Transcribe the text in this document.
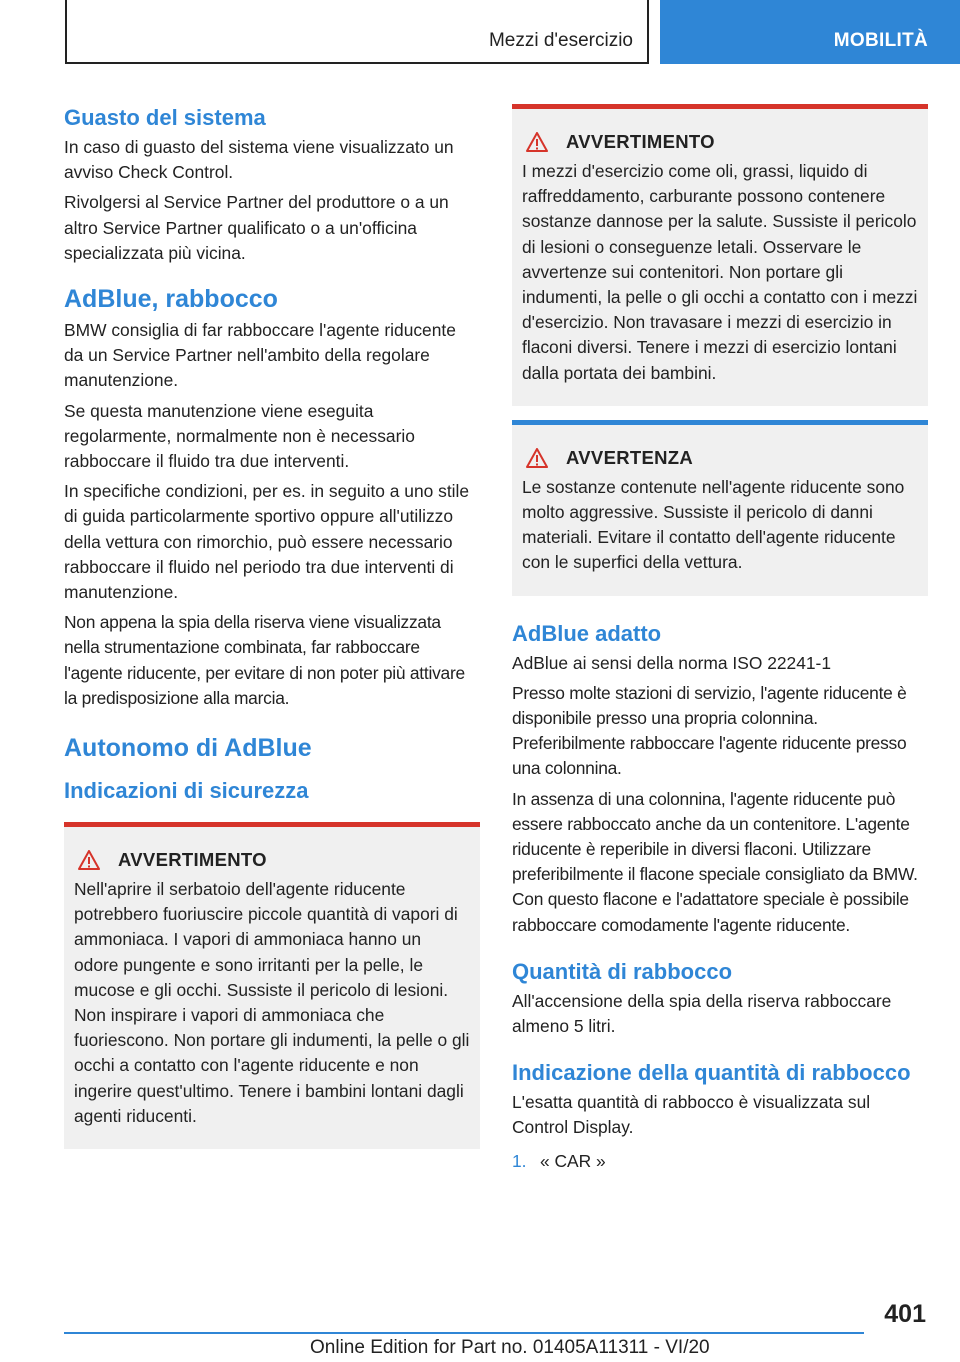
Mezzi d'esercizio	MOBILITÀ
Guasto del sistema

In caso di guasto del sistema viene visualizzato un avviso Check Control.

Rivolgersi al Service Partner del produttore o a un altro Service Partner qualificato o a un'officina specializzata più vicina.

AdBlue, rabbocco

BMW consiglia di far rabboccare l'agente riducente da un Service Partner nell'ambito della regolare manutenzione.

Se questa manutenzione viene eseguita regolarmente, normalmente non è necessario rabboccare il fluido tra due interventi.

In specifiche condizioni, per es. in seguito a uno stile di guida particolarmente sportivo oppure all'utilizzo della vettura con rimorchio, può essere necessario rabboccare il fluido nel periodo tra due interventi di manutenzione.

Non appena la spia della riserva viene visualizzata nella strumentazione combinata, far rabboccare l'agente riducente, per evitare di non poter più attivare la predisposizione alla marcia.

Autonomo di AdBlue
Indicazioni di sicurezza
AVVERTIMENTO

Nell'aprire il serbatoio dell'agente riducente potrebbero fuoriuscire piccole quantità di vapori di ammoniaca. I vapori di ammoniaca hanno un odore pungente e sono irritanti per la pelle, le mucose e gli occhi. Sussiste il pericolo di lesioni. Non inspirare i vapori di ammoniaca che fuoriescono. Non portare gli indumenti, la pelle o gli occhi a contatto con l'agente riducente e non ingerire quest'ultimo. Tenere i bambini lontani dagli agenti riducenti.

AVVERTIMENTO

I mezzi d'esercizio come oli, grassi, liquido di raffreddamento, carburante possono contenere sostanze dannose per la salute. Sussiste il pericolo di lesioni o conseguenze letali. Osservare le avvertenze sui contenitori. Non portare gli indumenti, la pelle o gli occhi a contatto con i mezzi d'esercizio. Non travasare i mezzi di esercizio in flaconi diversi. Tenere i mezzi di esercizio lontani dalla portata dei bambini.

AVVERTENZA

Le sostanze contenute nell'agente riducente sono molto aggressive. Sussiste il pericolo di danni materiali. Evitare il contatto dell'agente riducente con le superfici della vettura.

AdBlue adatto

AdBlue ai sensi della norma ISO 22241-1

Presso molte stazioni di servizio, l'agente riducente è disponibile presso una propria colonnina. Preferibilmente rabboccare l'agente riducente presso una colonnina.

In assenza di una colonnina, l'agente riducente può essere rabboccato anche da un contenitore. L'agente riducente è reperibile in diversi flaconi. Utilizzare preferibilmente il flacone speciale consigliato da BMW. Con questo flacone e l'adattatore speciale è possibile rabboccare comodamente l'agente riducente.

Quantità di rabbocco

All'accensione della spia della riserva rabboccare almeno 5 litri.

Indicazione della quantità di rabbocco

L'esatta quantità di rabbocco è visualizzata sul Control Display.

1. « CAR »
401
Online Edition for Part no. 01405A11311 - VI/20
